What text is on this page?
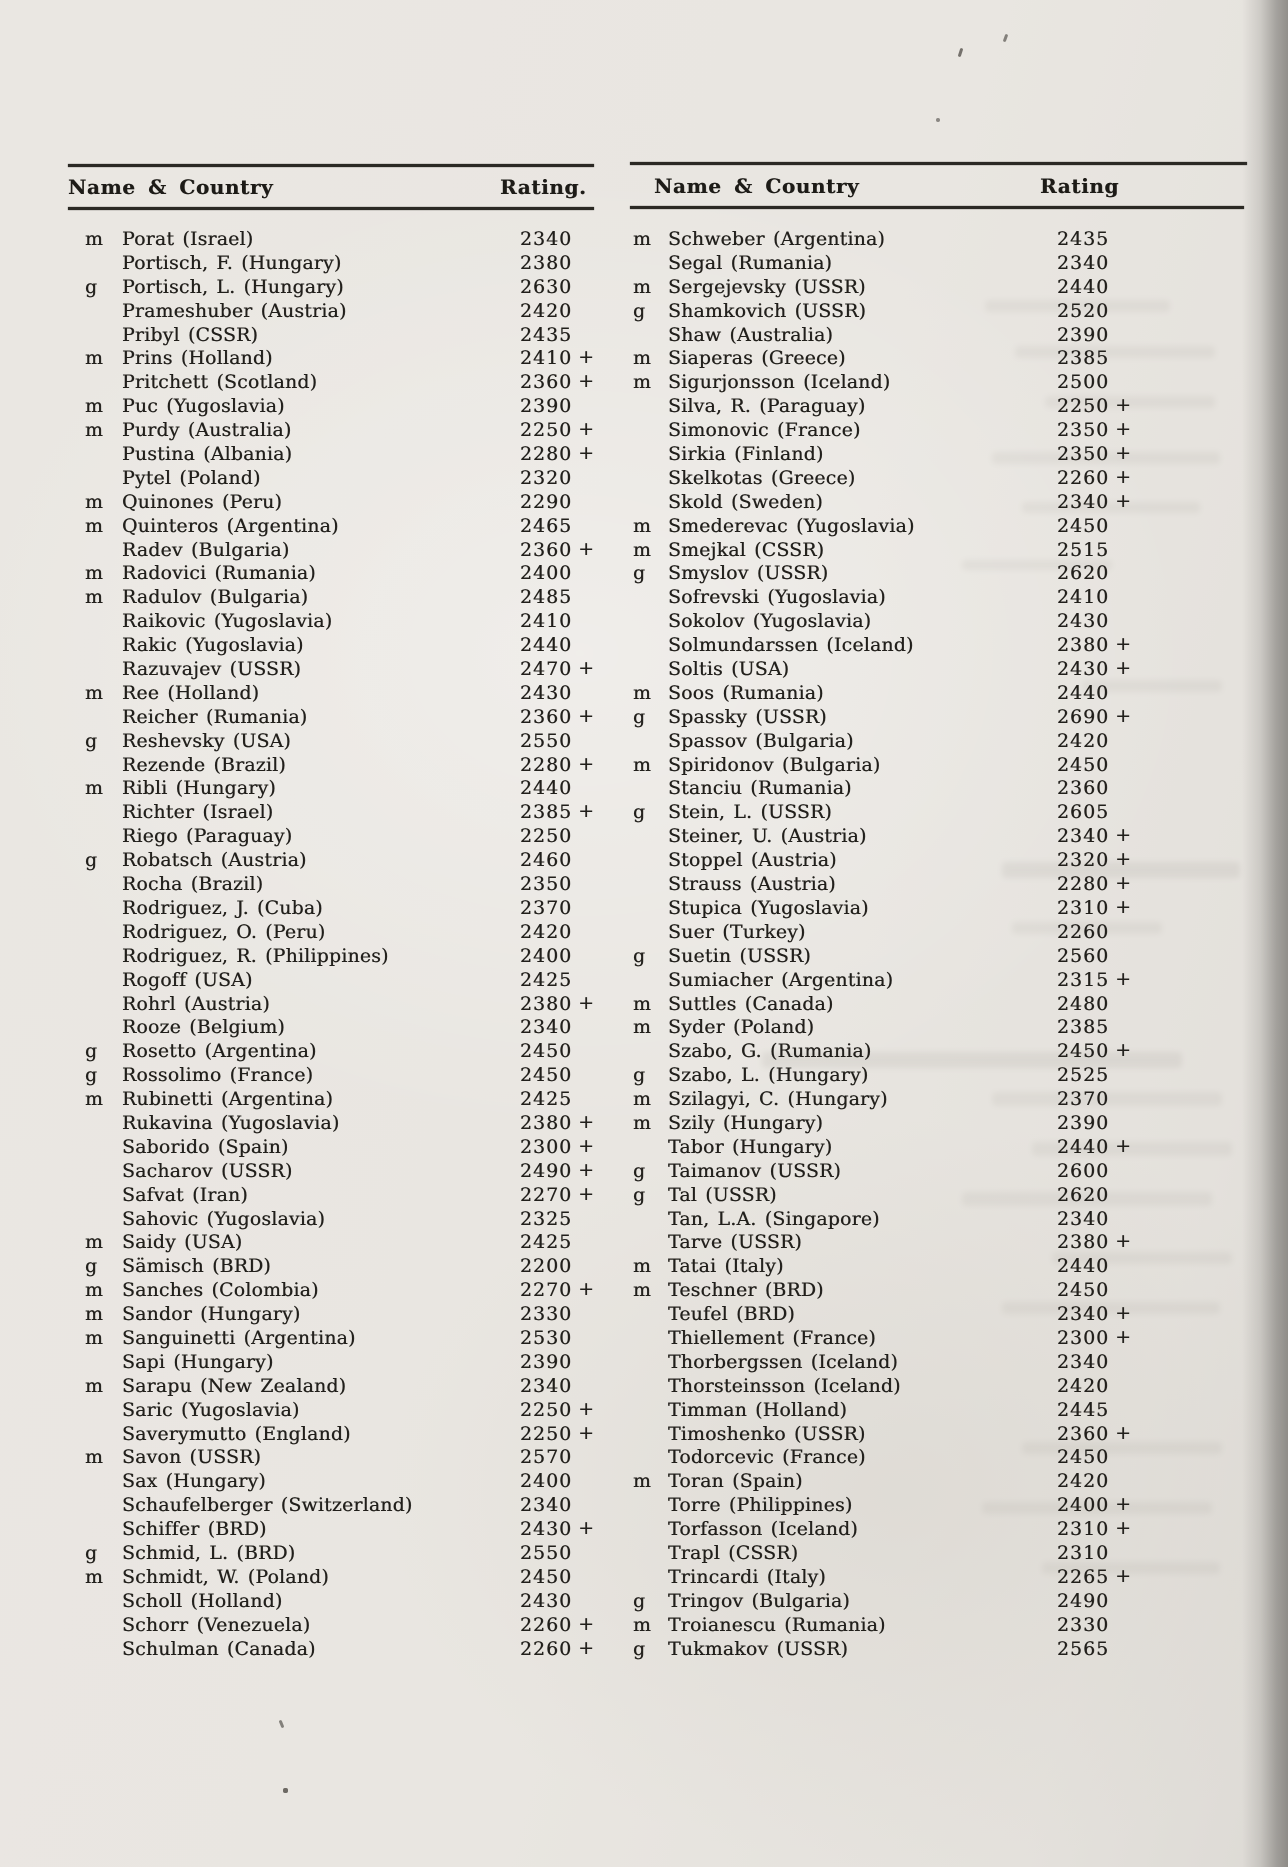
Name & Country	Rating.
m	Porat (Israel)	2340
Portisch, F. (Hungary)	2380
g	Portisch, L. (Hungary)	2630
Prameshuber (Austria)	2420
Pribyl (CSSR)	2435
m	Prins (Holland)	2410 +
Pritchett (Scotland)	2360 +
m	Puc (Yugoslavia)	2390
m	Purdy (Australia)	2250 +
Pustina (Albania)	2280 +
Pytel (Poland)	2320
m	Quinones (Peru)	2290
m	Quinteros (Argentina)	2465
Radev (Bulgaria)	2360 +
m	Radovici (Rumania)	2400
m	Radulov (Bulgaria)	2485
Raikovic (Yugoslavia)	2410
Rakic (Yugoslavia)	2440
Razuvajev (USSR)	2470 +
m	Ree (Holland)	2430
Reicher (Rumania)	2360 +
g	Reshevsky (USA)	2550
Rezende (Brazil)	2280 +
m	Ribli (Hungary)	2440
Richter (Israel)	2385 +
Riego (Paraguay)	2250
g	Robatsch (Austria)	2460
Rocha (Brazil)	2350
Rodriguez, J. (Cuba)	2370
Rodriguez, O. (Peru)	2420
Rodriguez, R. (Philippines)	2400
Rogoff (USA)	2425
Rohrl (Austria)	2380 +
Rooze (Belgium)	2340
g	Rosetto (Argentina)	2450
g	Rossolimo (France)	2450
m	Rubinetti (Argentina)	2425
Rukavina (Yugoslavia)	2380 +
Saborido (Spain)	2300 +
Sacharov (USSR)	2490 +
Safvat (Iran)	2270 +
Sahovic (Yugoslavia)	2325
m	Saidy (USA)	2425
g	Sämisch (BRD)	2200
m	Sanches (Colombia)	2270 +
m	Sandor (Hungary)	2330
m	Sanguinetti (Argentina)	2530
Sapi (Hungary)	2390
m	Sarapu (New Zealand)	2340
Saric (Yugoslavia)	2250 +
Saverymutto (England)	2250 +
m	Savon (USSR)	2570
Sax (Hungary)	2400
Schaufelberger (Switzerland)	2340
Schiffer (BRD)	2430 +
g	Schmid, L. (BRD)	2550
m	Schmidt, W. (Poland)	2450
Scholl (Holland)	2430
Schorr (Venezuela)	2260 +
Schulman (Canada)	2260 +
Name & Country	Rating
m Schweber (Argentina)	2435
Segal (Rumania)	2340
m Sergejevsky (USSR)	2440
g	Shamkovich (USSR)	2520
Shaw (Australia)	2390
m Siaperas (Greece)	2385
m Sigurjonsson (Iceland)	2500
Silva, R. (Paraguay)	2250 +
Simonovic (France)	2350 +
Sirkia (Finland)	2350 +
Skelkotas (Greece)	2260 +
Skold (Sweden)	2340 +
m Smederevac (Yugoslavia)	2450
m Smejkal (CSSR)	2515
g	Smyslov (USSR)	2620
Sofrevski (Yugoslavia)	2410
Sokolov (Yugoslavia)	2430
Solmundarssen (Iceland)	2380 +
Soltis (USA)	2430 +
m Soos (Rumania)	2440
g	Spassky (USSR)	2690 +
Spassov (Bulgaria)	2420
m Spiridonov (Bulgaria)	2450
Stanciu (Rumania)	2360
g	Stein, L. (USSR)	2605
Steiner, U. (Austria)	2340 +
Stoppel (Austria)	2320 +
Strauss (Austria)	2280 +
Stupica (Yugoslavia)	2310 +
Suer (Turkey)	2260
g	Suetin (USSR)	2560
Sumiacher (Argentina)	2315 +
m Suttles (Canada)	2480
m Syder (Poland)	2385
Szabo, G. (Rumania)	2450 +
g	Szabo, L. (Hungary)	2525
m Szilagyi, C. (Hungary)	2370
m Szily (Hungary)	2390
Tabor (Hungary)	2440 +
g	Taimanov (USSR)	2600
g	Tal (USSR)	2620
Tan, L.A. (Singapore)	2340
Tarve (USSR)	2380 +
m Tatai (Italy)	2440
m Teschner (BRD)	2450
Teufel (BRD)	2340 +
Thiellement (France)	2300 +
Thorbergssen (Iceland)	2340
Thorsteinsson (Iceland)	2420
Timman (Holland)	2445
Timoshenko (USSR)	2360 +
Todorcevic (France)	2450
m Toran (Spain)	2420
Torre (Philippines)	2400 +
Torfasson (Iceland)	2310 +
Trapl (CSSR)	2310
Trincardi (Italy)	2265 +
g	Tringov (Bulgaria)	2490
m Troianescu (Rumania)	2330
g	Tukmakov (USSR)	2565
